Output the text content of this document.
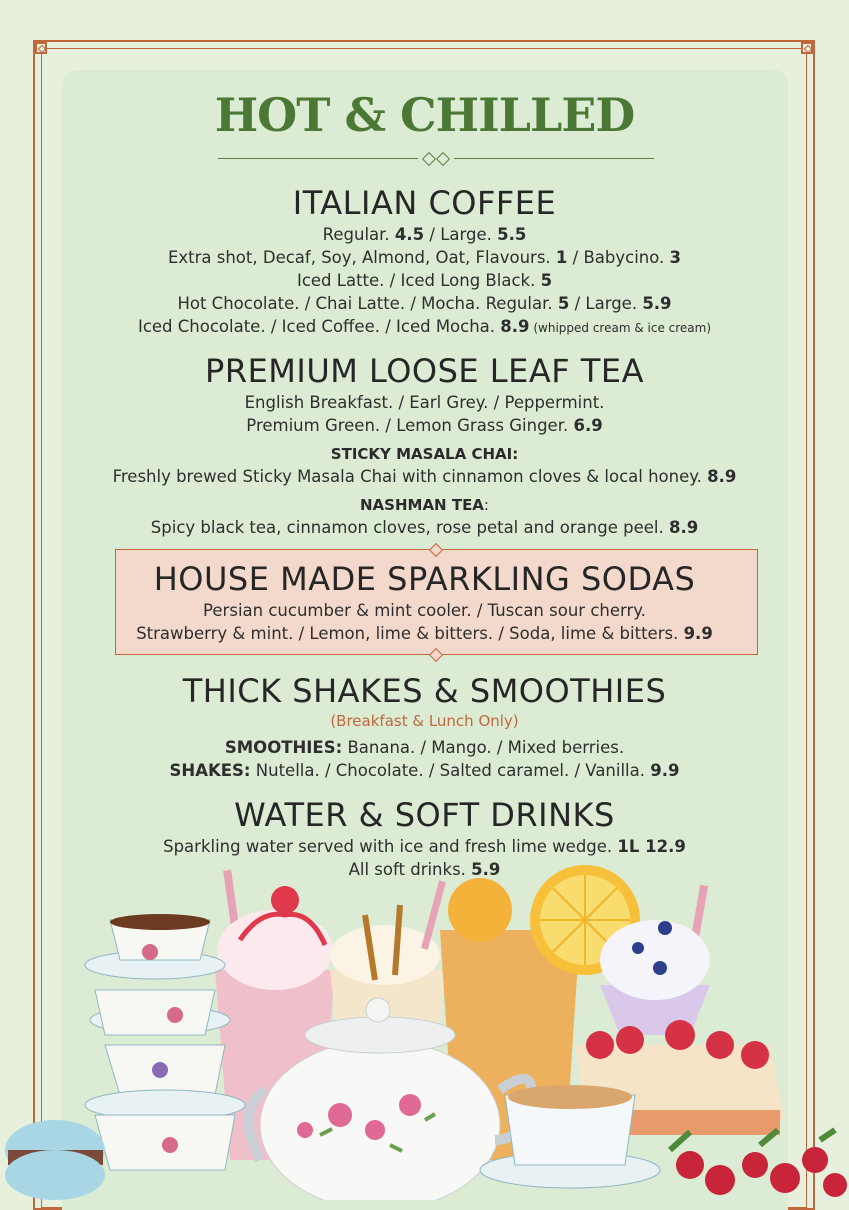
HOT & CHILLED
ITALIAN COFFEE
Regular. 4.5 / Large. 5.5
Extra shot, Decaf, Soy, Almond, Oat, Flavours. 1 / Babycino. 3
Iced Latte. / Iced Long Black. 5
Hot Chocolate. / Chai Latte. / Mocha. Regular. 5 / Large. 5.9
Iced Chocolate. / Iced Coffee. / Iced Mocha. 8.9 (whipped cream & ice cream)
PREMIUM LOOSE LEAF TEA
English Breakfast. / Earl Grey. / Peppermint.
Premium Green. / Lemon Grass Ginger. 6.9
STICKY MASALA CHAI:
Freshly brewed Sticky Masala Chai with cinnamon cloves & local honey. 8.9
NASHMAN TEA:
Spicy black tea, cinnamon cloves, rose petal and orange peel. 8.9
HOUSE MADE SPARKLING SODAS
Persian cucumber & mint cooler. / Tuscan sour cherry.
Strawberry & mint. / Lemon, lime & bitters. / Soda, lime & bitters. 9.9
THICK SHAKES & SMOOTHIES
(Breakfast & Lunch Only)
SMOOTHIES: Banana. / Mango. / Mixed berries.
SHAKES: Nutella. / Chocolate. / Salted caramel. / Vanilla. 9.9
WATER & SOFT DRINKS
Sparkling water served with ice and fresh lime wedge. 1L 12.9
All soft drinks. 5.9
